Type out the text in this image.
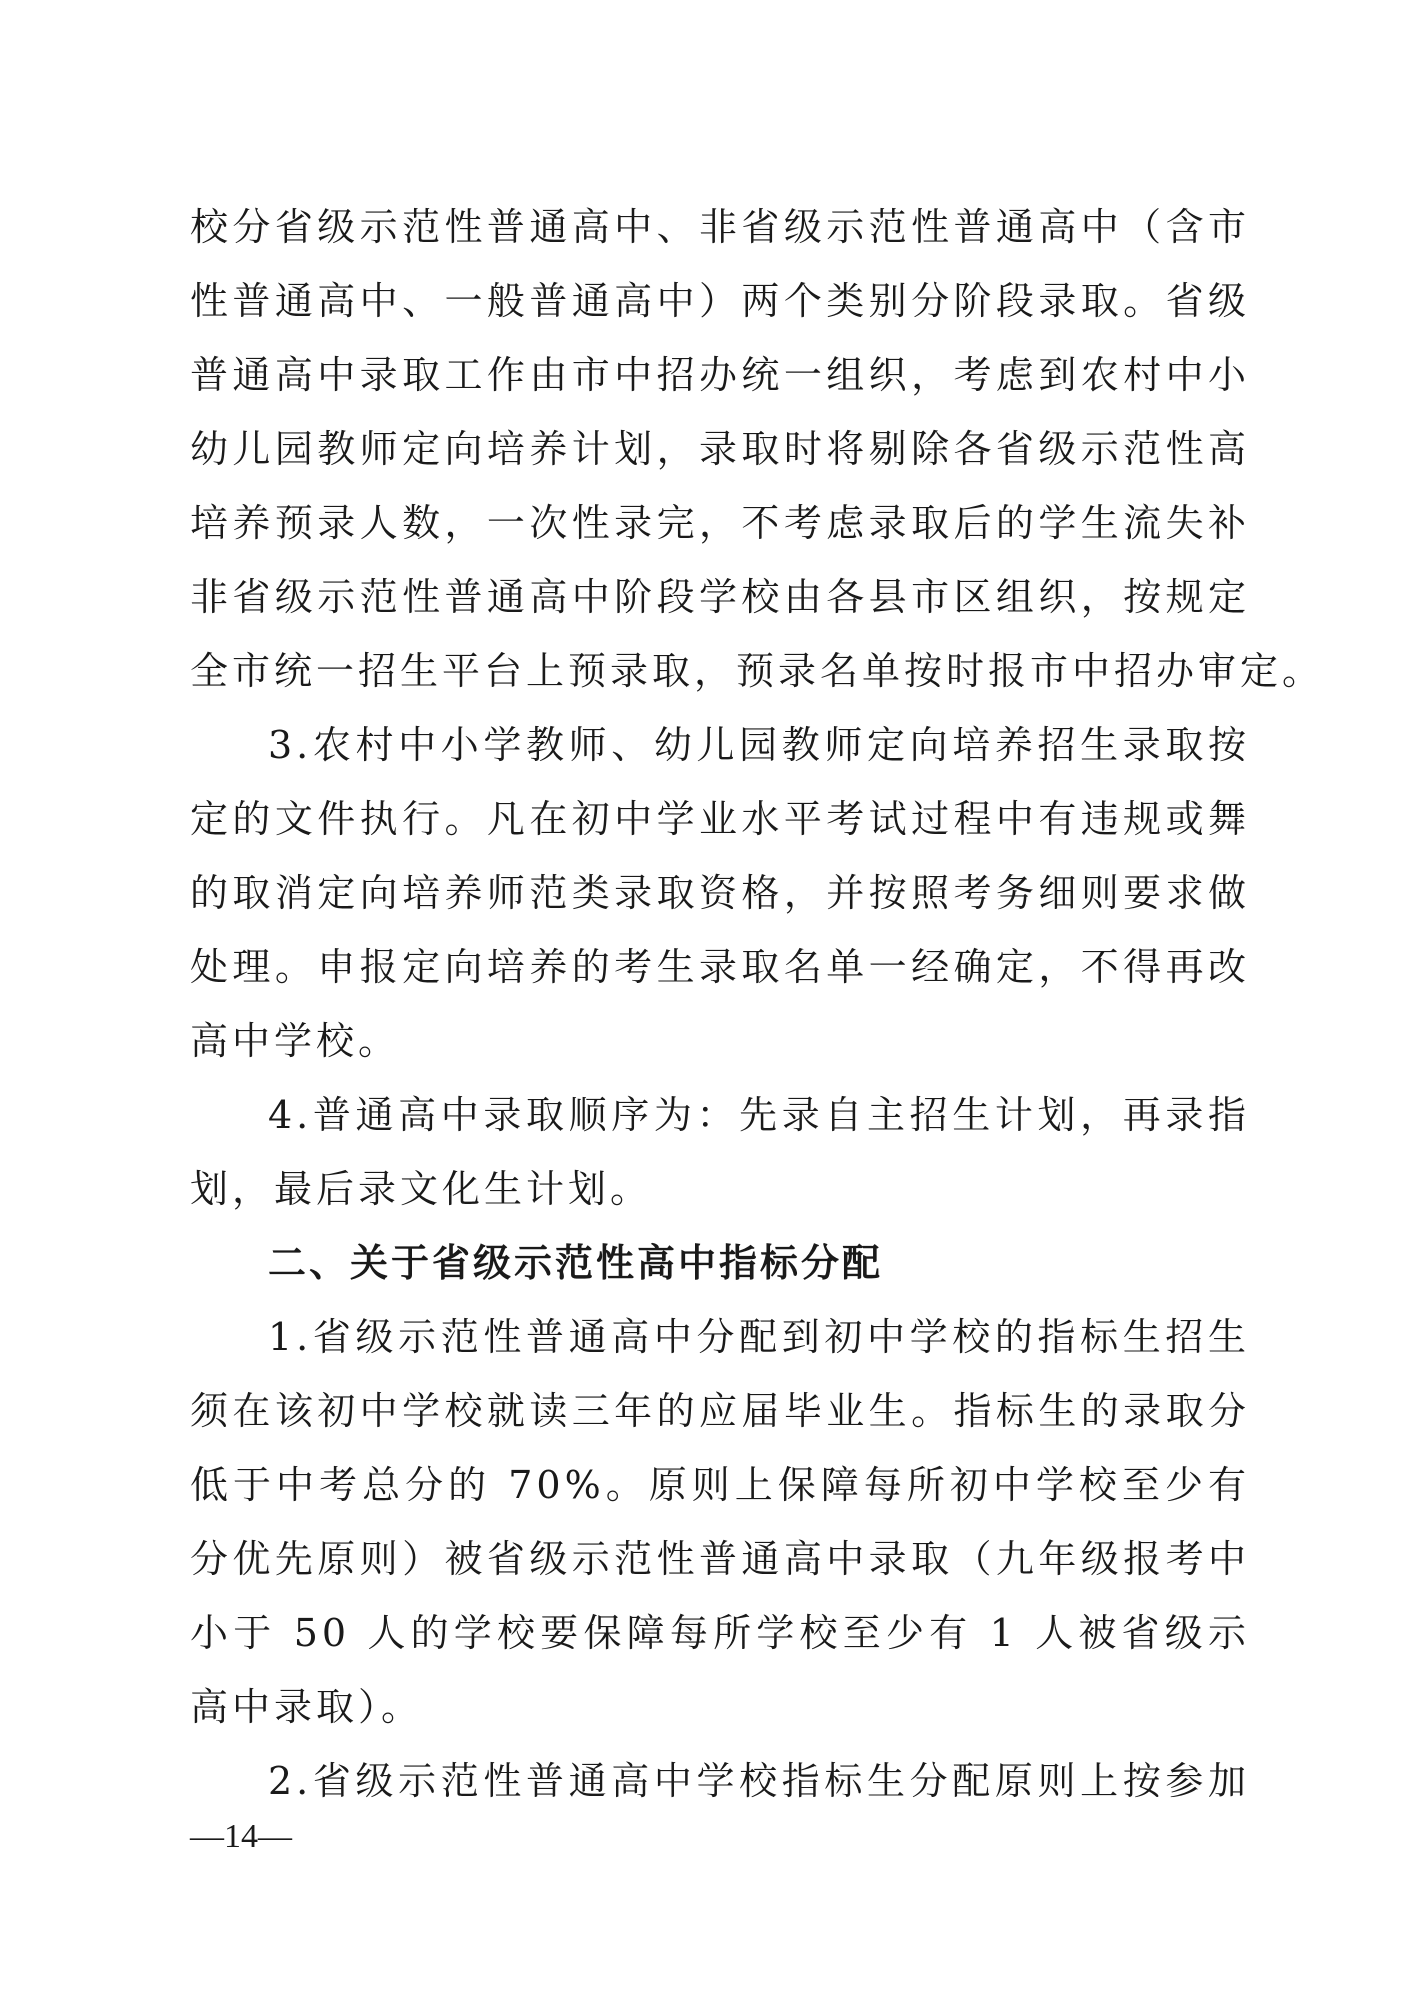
校分省级示范性普通高中、非省级示范性普通高中（含市
性普通高中、一般普通高中）两个类别分阶段录取。省级
普通高中录取工作由市中招办统一组织，考虑到农村中小
幼儿园教师定向培养计划，录取时将剔除各省级示范性高
培养预录人数，一次性录完，不考虑录取后的学生流失补
非省级示范性普通高中阶段学校由各县市区组织，按规定
全市统一招生平台上预录取，预录名单按时报市中招办审定。
3.农村中小学教师、幼儿园教师定向培养招生录取按
定的文件执行。凡在初中学业水平考试过程中有违规或舞
的取消定向培养师范类录取资格，并按照考务细则要求做
处理。申报定向培养的考生录取名单一经确定，不得再改
高中学校。
4.普通高中录取顺序为：先录自主招生计划，再录指
划，最后录文化生计划。
二、关于省级示范性高中指标分配
1.省级示范性普通高中分配到初中学校的指标生招生
须在该初中学校就读三年的应届毕业生。指标生的录取分
低于中考总分的 70%。原则上保障每所初中学校至少有
分优先原则）被省级示范性普通高中录取（九年级报考中
小于 50 人的学校要保障每所学校至少有 1 人被省级示
高中录取）。
2.省级示范性普通高中学校指标生分配原则上按参加
—14—
